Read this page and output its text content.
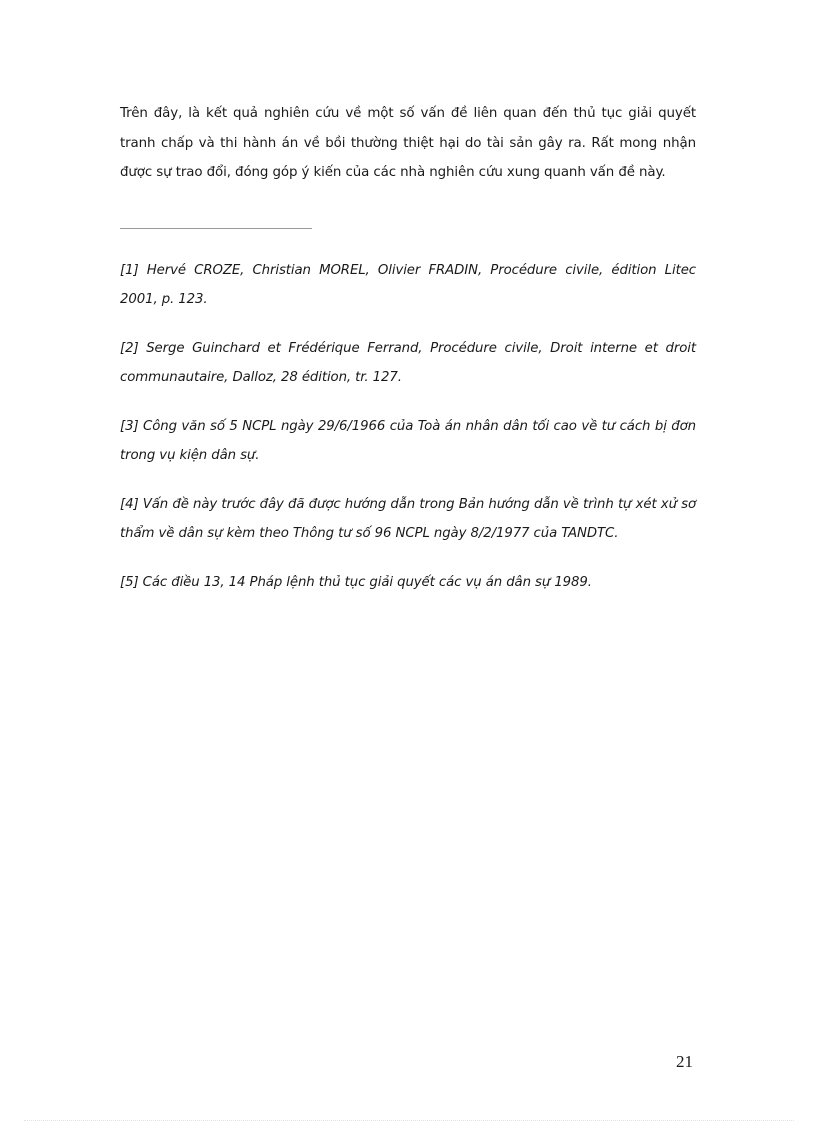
Trên đây, là kết quả nghiên cứu về một số vấn đề liên quan đến thủ tục giải quyết tranh chấp và thi hành án về bồi thường thiệt hại do tài sản gây ra. Rất mong nhận được sự trao đổi, đóng góp ý kiến của các nhà nghiên cứu xung quanh vấn đề này.

[1] Hervé CROZE, Christian MOREL, Olivier FRADIN, Procédure civile, édition Litec 2001, p. 123.
[2] Serge Guinchard et Frédérique Ferrand, Procédure civile, Droit interne et droit communautaire, Dalloz, 28 édition, tr. 127.
[3] Công văn số 5 NCPL ngày 29/6/1966 của Toà án nhân dân tối cao về tư cách bị đơn trong vụ kiện dân sự.
[4] Vấn đề này trước đây đã được hướng dẫn trong Bản hướng dẫn về trình tự xét xử sơ thẩm về dân sự kèm theo Thông tư số 96 NCPL ngày 8/2/1977 của TANDTC.
[5] Các điều 13, 14 Pháp lệnh thủ tục giải quyết các vụ án dân sự 1989.

21
